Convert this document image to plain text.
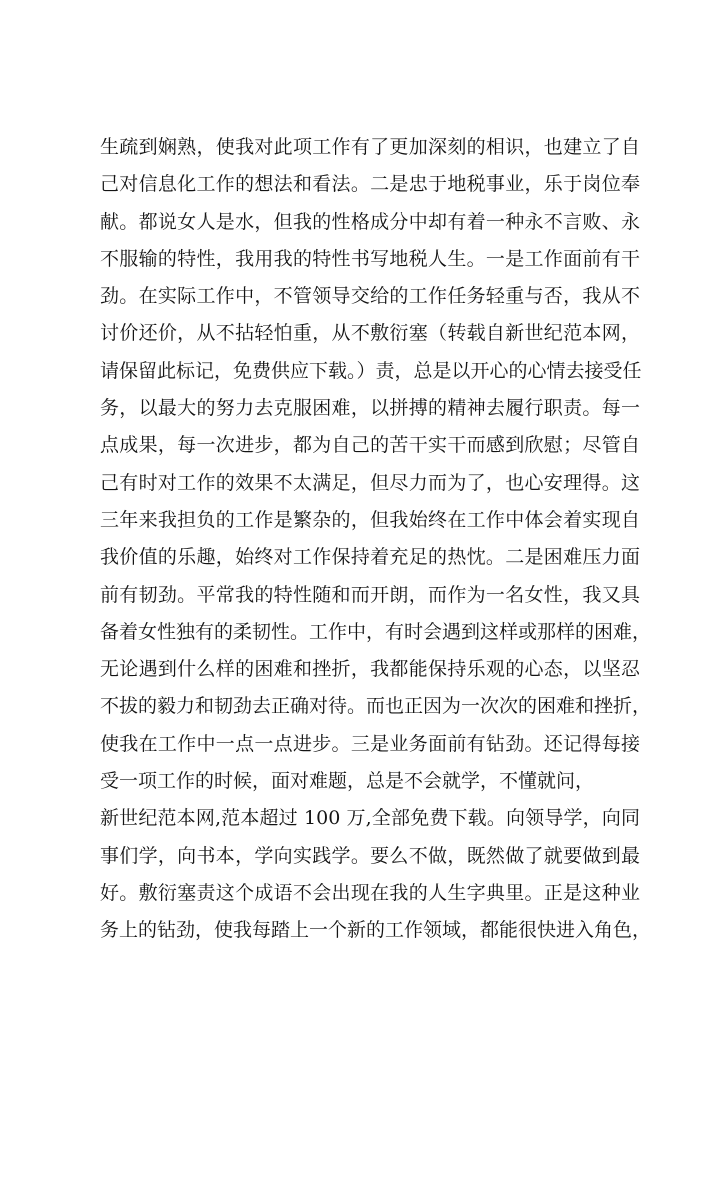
生疏到娴熟，使我对此项工作有了更加深刻的相识，也建立了自
己对信息化工作的想法和看法。二是忠于地税事业，乐于岗位奉
献。都说女人是水，但我的性格成分中却有着一种永不言败、永
不服输的特性，我用我的特性书写地税人生。一是工作面前有干
劲。在实际工作中，不管领导交给的工作任务轻重与否，我从不
讨价还价，从不拈轻怕重，从不敷衍塞（转载自新世纪范本网，
请保留此标记，免费供应下载。）责，总是以开心的心情去接受任
务，以最大的努力去克服困难，以拼搏的精神去履行职责。每一
点成果，每一次进步，都为自己的苦干实干而感到欣慰；尽管自
己有时对工作的效果不太满足，但尽力而为了，也心安理得。这
三年来我担负的工作是繁杂的，但我始终在工作中体会着实现自
我价值的乐趣，始终对工作保持着充足的热忱。二是困难压力面
前有韧劲。平常我的特性随和而开朗，而作为一名女性，我又具
备着女性独有的柔韧性。工作中，有时会遇到这样或那样的困难，
无论遇到什么样的困难和挫折，我都能保持乐观的心态，以坚忍
不拔的毅力和韧劲去正确对待。而也正因为一次次的困难和挫折，
使我在工作中一点一点进步。三是业务面前有钻劲。还记得每接
受一项工作的时候，面对难题，总是不会就学，不懂就问，
新世纪范本网,范本超过 100 万,全部免费下载。向领导学，向同
事们学，向书本，学向实践学。要么不做，既然做了就要做到最
好。敷衍塞责这个成语不会出现在我的人生字典里。正是这种业
务上的钻劲，使我每踏上一个新的工作领域，都能很快进入角色，
